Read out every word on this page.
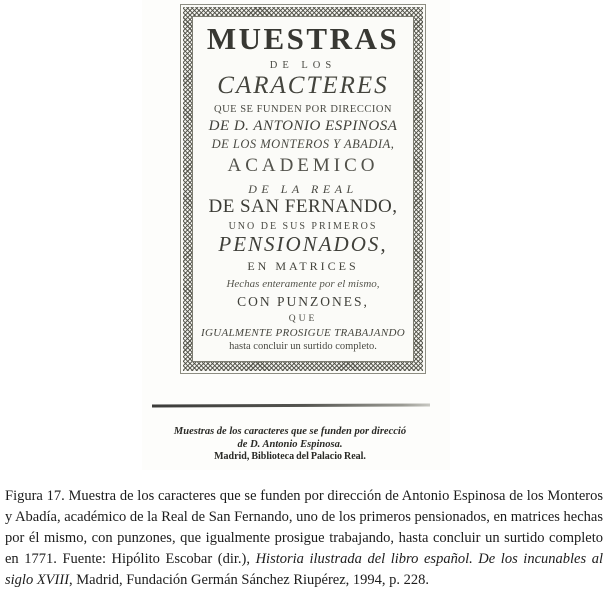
MUESTRAS
DE LOS
CARACTERES
QUE SE FUNDEN POR DIRECCION
DE D. ANTONIO ESPINOSA
DE LOS MONTEROS Y ABADIA,
ACADEMICO
DE LA REAL
DE SAN FERNANDO,
UNO DE SUS PRIMEROS
PENSIONADOS,
EN MATRICES
Hechas enteramente por el mismo,
CON PUNZONES,
QUE
IGUALMENTE PROSIGUE TRABAJANDO
hasta concluir un surtido completo.
Muestras de los caracteres que se funden por direcció
de D. Antonio Espinosa.
Madrid, Biblioteca del Palacio Real.

Figura 17. Muestra de los caracteres que se funden por dirección de Antonio Espinosa de los Monteros y Abadía, académico de la Real de San Fernando, uno de los primeros pensionados, en matrices hechas por él mismo, con punzones, que igualmente prosigue trabajando, hasta concluir un surtido completo en 1771. Fuente: Hipólito Escobar (dir.), Historia ilustrada del libro español. De los incunables al siglo XVIII, Madrid, Fundación Germán Sánchez Riupérez, 1994, p. 228.
